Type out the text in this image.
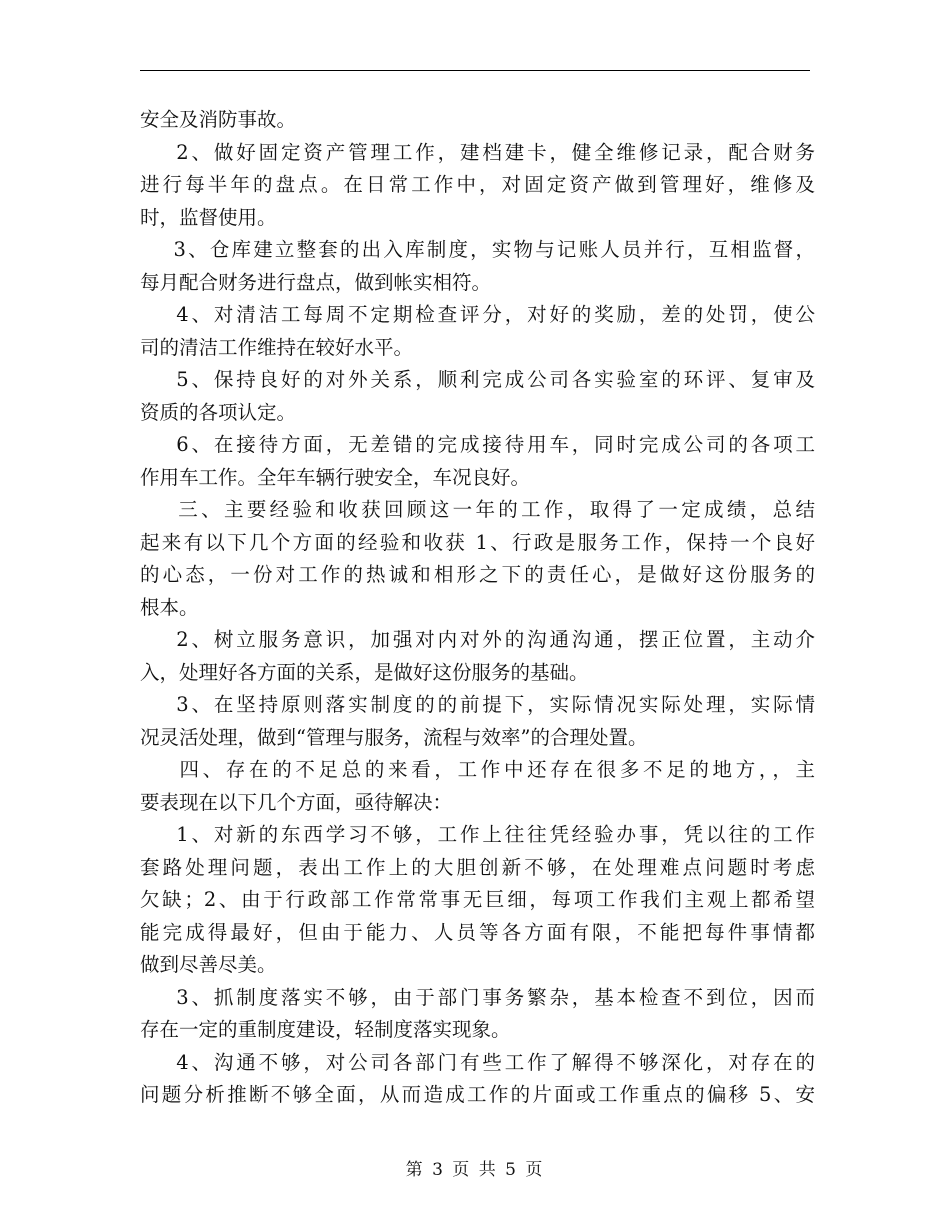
安全及消防事故。
2、做好固定资产管理工作，建档建卡，健全维修记录，配合财务
进行每半年的盘点。在日常工作中，对固定资产做到管理好，维修及
时，监督使用。
3、仓库建立整套的出入库制度，实物与记账人员并行，互相监督，
每月配合财务进行盘点，做到帐实相符。
4、对清洁工每周不定期检查评分，对好的奖励，差的处罚，使公
司的清洁工作维持在较好水平。
5、保持良好的对外关系，顺利完成公司各实验室的环评、复审及
资质的各项认定。
6、在接待方面，无差错的完成接待用车，同时完成公司的各项工
作用车工作。全年车辆行驶安全，车况良好。
三、主要经验和收获回顾这一年的工作，取得了一定成绩，总结
起来有以下几个方面的经验和收获 1、行政是服务工作，保持一个良好
的心态，一份对工作的热诚和相形之下的责任心，是做好这份服务的
根本。
2、树立服务意识，加强对内对外的沟通沟通，摆正位置，主动介
入，处理好各方面的关系，是做好这份服务的基础。
3、在坚持原则落实制度的的前提下，实际情况实际处理，实际情
况灵活处理，做到“管理与服务，流程与效率”的合理处置。
四、存在的不足总的来看，工作中还存在很多不足的地方，，主
要表现在以下几个方面，亟待解决：
1、对新的东西学习不够，工作上往往凭经验办事，凭以往的工作
套路处理问题，表出工作上的大胆创新不够，在处理难点问题时考虑
欠缺；2、由于行政部工作常常事无巨细，每项工作我们主观上都希望
能完成得最好，但由于能力、人员等各方面有限，不能把每件事情都
做到尽善尽美。
3、抓制度落实不够，由于部门事务繁杂，基本检查不到位，因而
存在一定的重制度建设，轻制度落实现象。
4、沟通不够，对公司各部门有些工作了解得不够深化，对存在的
问题分析推断不够全面，从而造成工作的片面或工作重点的偏移 5、安
第 3 页 共 5 页
